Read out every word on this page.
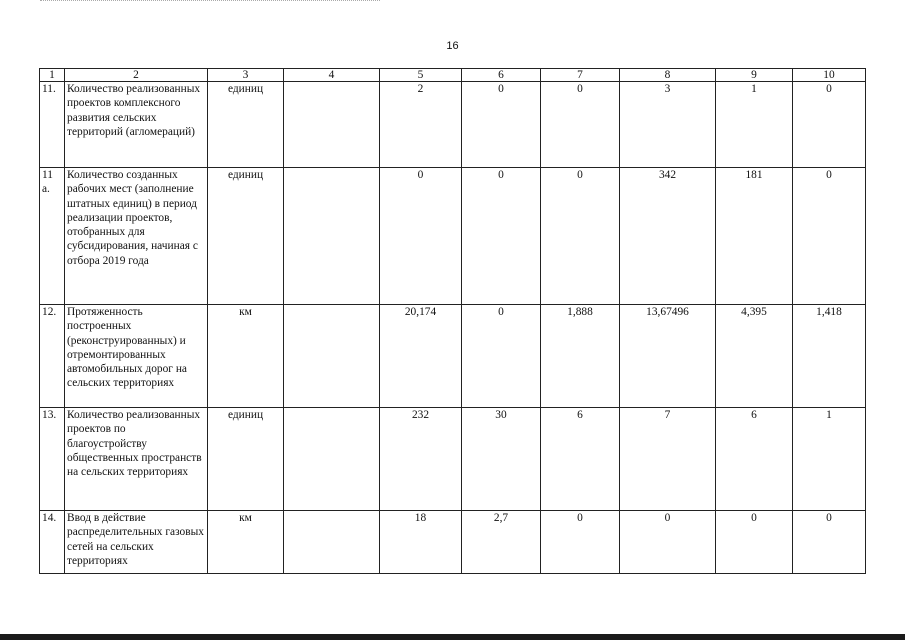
16
1	2	3	4	5	6	7	8	9	10
11.	Количество реализованных проектов комплексного развития сельских территорий (агломераций)	единиц		2	0	0	3	1	0
11 а.	Количество созданных рабочих мест (заполнение штатных единиц) в период реализации проектов, отобранных для субсидирования, начиная с отбора 2019 года	единиц		0	0	0	342	181	0
12.	Протяженность построенных (реконструированных) и отремонтированных автомобильных дорог на сельских территориях	км		20,174	0	1,888	13,67496	4,395	1,418
13.	Количество реализованных проектов по благоустройству общественных пространств на сельских территориях	единиц		232	30	6	7	6	1
14.	Ввод в действие распределительных газовых сетей на сельских территориях	км		18	2,7	0	0	0	0
